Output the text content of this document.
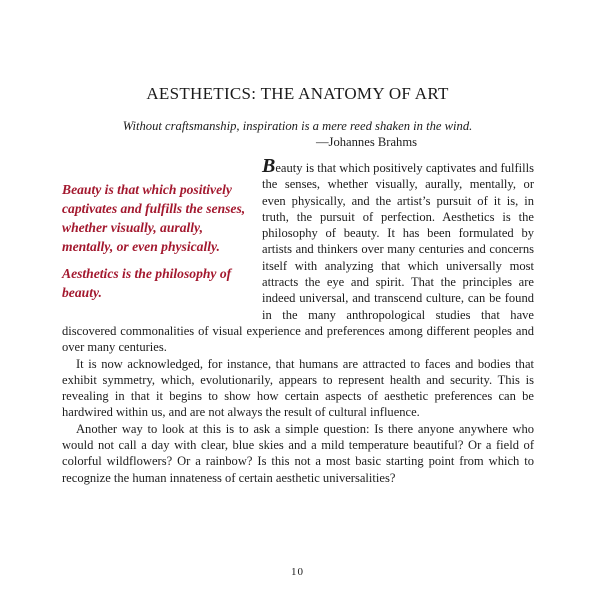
AESTHETICS: THE ANATOMY OF ART
Without craftsmanship, inspiration is a mere reed shaken in the wind.
—Johannes Brahms

Beauty is that which positively captivates and fulfills the senses, whether visually, aurally, mentally, or even physically.

Aesthetics is the philosophy of beauty.

Beauty is that which positively captivates and fulfills the senses, whether visually, aurally, mentally, or even physically, and the artist’s pursuit of it is, in truth, the pursuit of perfection. Aesthetics is the philosophy of beauty. It has been formulated by artists and thinkers over many centuries and concerns itself with analyzing that which universally most attracts the eye and spirit. That the principles are indeed universal, and transcend culture, can be found in the many anthropological studies that have discovered commonalities of visual experience and preferences among different peoples and over many centuries.

It is now acknowledged, for instance, that humans are attracted to faces and bodies that exhibit symmetry, which, evolutionarily, appears to represent health and security. This is revealing in that it begins to show how certain aspects of aesthetic preferences can be hardwired within us, and are not always the result of cultural influence.

Another way to look at this is to ask a simple question: Is there anyone anywhere who would not call a day with clear, blue skies and a mild temperature beautiful? Or a field of colorful wildflowers? Or a rainbow? Is this not a most basic starting point from which to recognize the human innateness of certain aesthetic universalities?

10
